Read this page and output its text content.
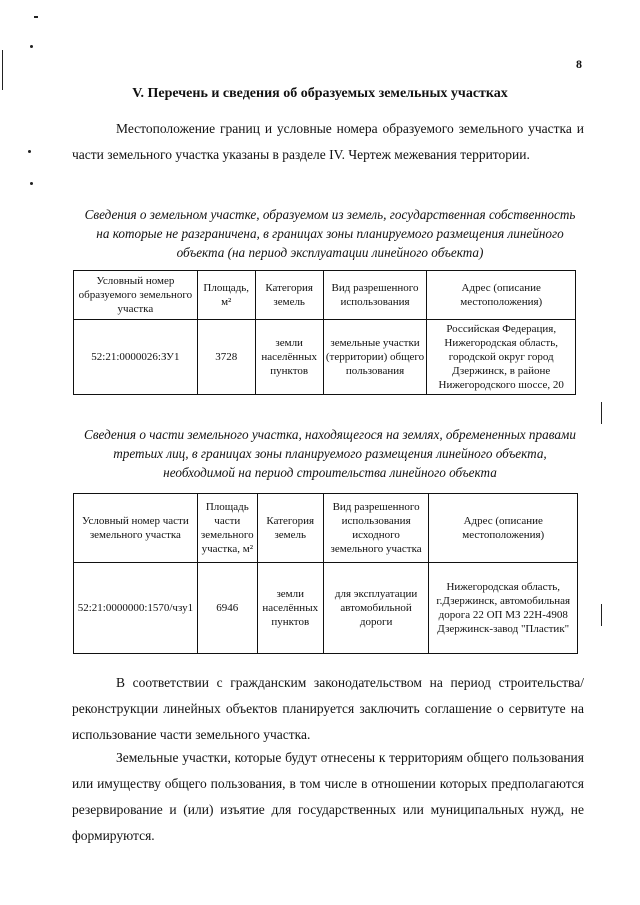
8
V. Перечень и сведения об образуемых земельных участках
Местоположение границ и условные номера образуемого земельного участка и части земельного участка указаны в разделе IV. Чертеж межевания территории.
Сведения о земельном участке, образуемом из земель, государственная собственность на которые не разграничена, в границах зоны планируемого размещения линейного объекта (на период эксплуатации линейного объекта)
Условный номер образуемого земельного участка	Площадь, м²	Категория земель	Вид разрешенного использования	Адрес (описание местоположения)
52:21:0000026:ЗУ1	3728	земли населённых пунктов	земельные участки (территории) общего пользования	Российская Федерация, Нижегородская область, городской округ город Дзержинск, в районе Нижегородского шоссе, 20
Сведения о части земельного участка, находящегося на землях, обремененных правами третьих лиц, в границах зоны планируемого размещения линейного объекта, необходимой на период строительства линейного объекта
Условный номер части земельного участка	Площадь части земельного участка, м²	Категория земель	Вид разрешенного использования исходного земельного участка	Адрес (описание местоположения)
52:21:0000000:1570/чзу1	6946	земли населённых пунктов	для эксплуатации автомобильной дороги	Нижегородская область, г.Дзержинск, автомобильная дорога 22 ОП МЗ 22Н-4908 Дзержинск-завод "Пластик"
В соответствии с гражданским законодательством на период строительства/реконструкции линейных объектов планируется заключить соглашение о сервитуте на использование части земельного участка.
Земельные участки, которые будут отнесены к территориям общего пользования или имуществу общего пользования, в том числе в отношении которых предполагаются резервирование и (или) изъятие для государственных или муниципальных нужд, не формируются.
